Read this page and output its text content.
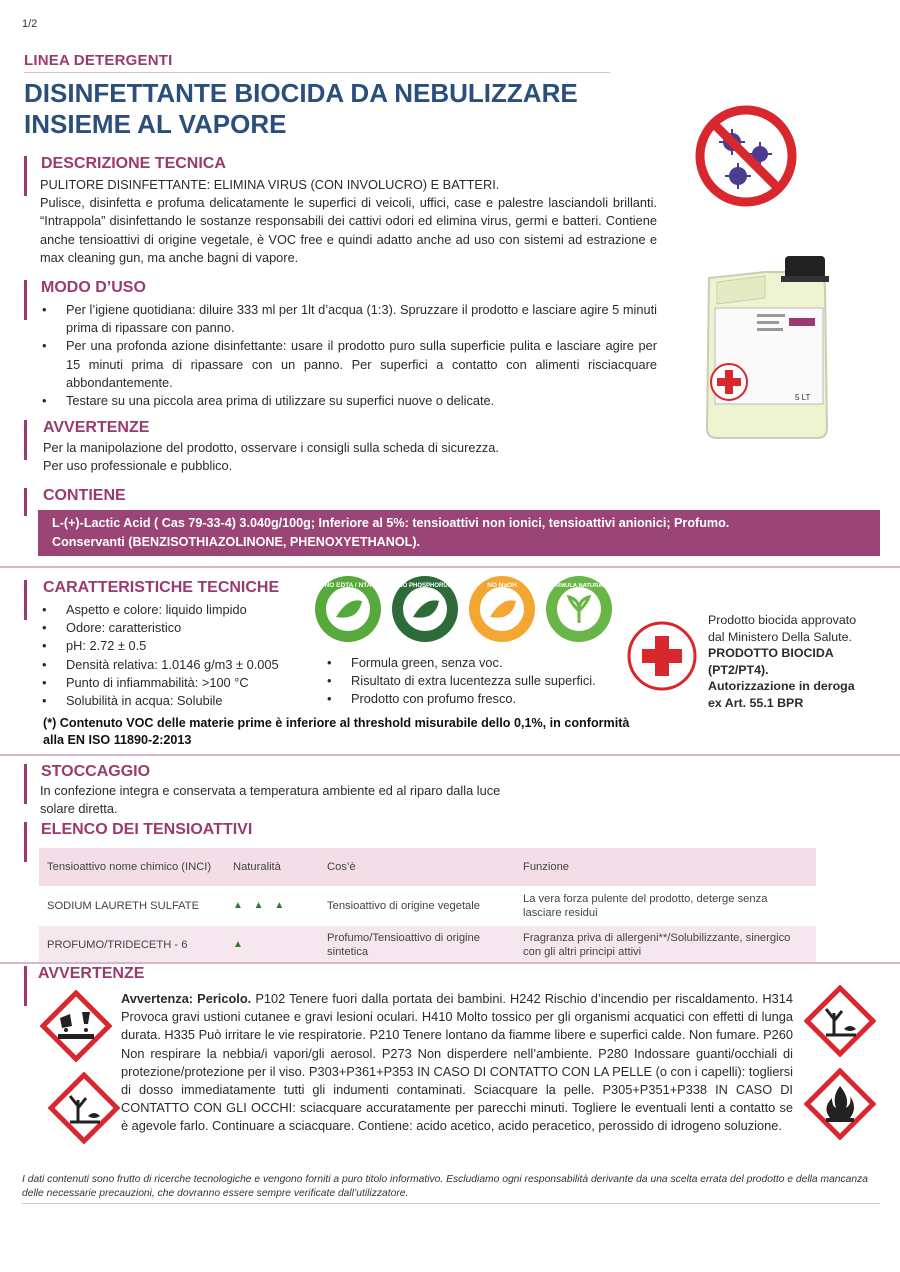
1/2
LINEA DETERGENTI
DISINFETTANTE BIOCIDA DA NEBULIZZARE
INSIEME AL VAPORE
5 LT
DESCRIZIONE TECNICA
PULITORE DISINFETTANTE: ELIMINA VIRUS (CON INVOLUCRO) E BATTERI.
Pulisce, disinfetta e profuma delicatamente le superfici di veicoli, uffici, case e palestre lasciandoli brillanti. “Intrappola” disinfettando le sostanze responsabili dei cattivi odori ed elimina virus, germi e batteri. Contiene anche tensioattivi di origine vegetale, è VOC free e quindi adatto anche ad uso con sistemi ad estrazione e max cleaning gun, ma anche bagni di vapore.
MODO D’USO
• Per l’igiene quotidiana: diluire 333 ml per 1lt d’acqua (1:3). Spruzzare il prodotto e lasciare agire 5 minuti prima di ripassare con panno.
• Per una profonda azione disinfettante: usare il prodotto puro sulla superficie pulita e lasciare agire per 15 minuti prima di ripassare con un panno. Per superfici a contatto con alimenti risciacquare abbondantemente.
• Testare su una piccola area prima di utilizzare su superfici nuove o delicate.
AVVERTENZE
Per la manipolazione del prodotto, osservare i consigli sulla scheda di sicurezza.
Per uso professionale e pubblico.
CONTIENE
L-(+)-Lactic Acid ( Cas 79-33-4) 3.040g/100g; Inferiore al 5%: tensioattivi non ionici, tensioattivi anionici; Profumo.
Conservanti (BENZISOTHIAZOLINONE, PHENOXYETHANOL).
CARATTERISTICHE TECNICHE
• Aspetto e colore: liquido limpido
• Odore: caratteristico
• pH: 2.72 ± 0.5
• Densità relativa: 1.0146 g/m3 ± 0.005
• Punto di infiammabilità: >100 °C
• Solubilità in acqua: Solubile
• Formula green, senza voc.
• Risultato di extra lucentezza sulle superfici.
• Prodotto con profumo fresco.
NO EDTA / NTA	NO PHOSPHORUS	NO NaOH	FORMULA NATURALE
Prodotto biocida approvato
dal Ministero Della Salute.
PRODOTTO BIOCIDA
(PT2/PT4).
Autorizzazione in deroga
ex Art. 55.1 BPR
(*) Contenuto VOC delle materie prime è inferiore al threshold misurabile dello 0,1%, in conformità alla EN ISO 11890-2:2013
STOCCAGGIO
In confezione integra e conservata a temperatura ambiente ed al riparo dalla luce solare diretta.
ELENCO DEI TENSIOATTIVI
Tensioattivo nome chimico (INCI)	Naturalità	Cos’è	Funzione
SODIUM LAURETH SULFATE	▲ ▲ ▲	Tensioattivo di origine vegetale	La vera forza pulente del prodotto, deterge senza lasciare residui
PROFUMO/TRIDECETH - 6	▲	Profumo/Tensioattivo di origine sintetica	Fragranza priva di allergeni**/Solubilizzante, sinergico con gli altri principi attivi
AVVERTENZE
Avvertenza: Pericolo. P102 Tenere fuori dalla portata dei bambini. H242 Rischio d’incendio per riscaldamento. H314 Provoca gravi ustioni cutanee e gravi lesioni oculari. H410 Molto tossico per gli organismi acquatici con effetti di lunga durata. H335 Può irritare le vie respiratorie. P210 Tenere lontano da fiamme libere e superfici calde. Non fumare. P260 Non respirare la nebbia/i vapori/gli aerosol. P273 Non disperdere nell’ambiente. P280 Indossare guanti/occhiali di protezione/protezione per il viso. P303+P361+P353 IN CASO DI CONTATTO CON LA PELLE (o con i capelli): togliersi di dosso immediatamente tutti gli indumenti contaminati. Sciacquare la pelle. P305+P351+P338 IN CASO DI CONTATTO CON GLI OCCHI: sciacquare accuratamente per parecchi minuti. Togliere le eventuali lenti a contatto se è agevole farlo. Continuare a sciacquare. Contiene: acido acetico, acido peracetico, perossido di idrogeno soluzione.
I dati contenuti sono frutto di ricerche tecnologiche e vengono forniti a puro titolo informativo. Escludiamo ogni responsabilità derivante da una scelta errata del prodotto e della mancanza delle necessarie precauzioni, che dovranno essere sempre verificate dall’utilizzatore.
